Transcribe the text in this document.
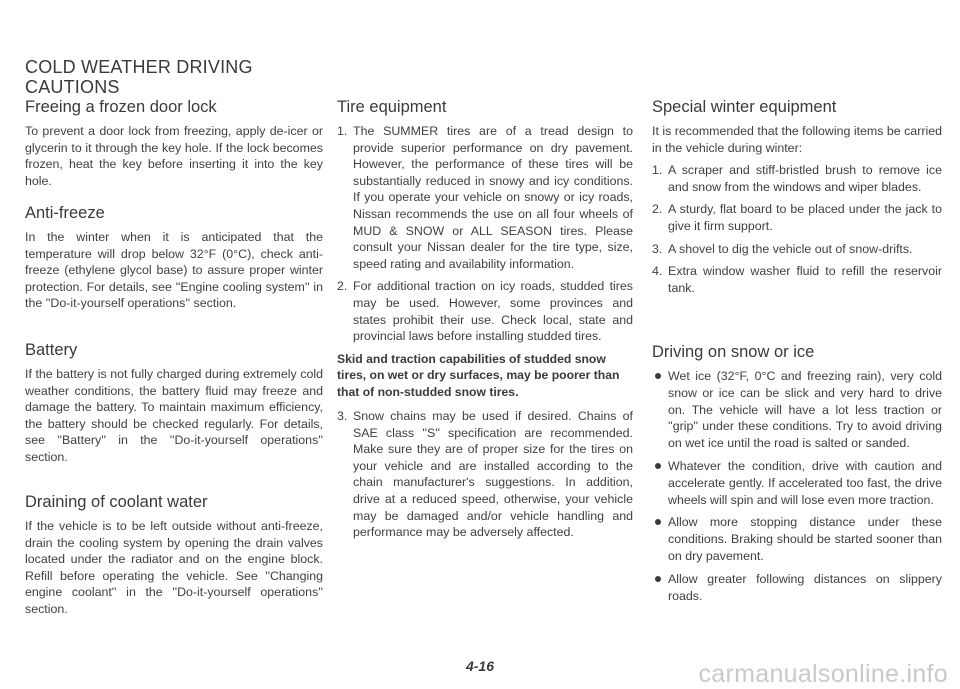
COLD WEATHER DRIVING CAUTIONS
Freeing a frozen door lock

To prevent a door lock from freezing, apply de-icer or glycerin to it through the key hole. If the lock becomes frozen, heat the key before inserting it into the key hole.

Anti-freeze

In the winter when it is anticipated that the temperature will drop below 32°F (0°C), check anti-freeze (ethylene glycol base) to assure proper winter protection. For details, see ''Engine cooling system'' in the ''Do-it-yourself operations'' section.

Battery

If the battery is not fully charged during extremely cold weather conditions, the battery fluid may freeze and damage the battery. To maintain maximum efficiency, the battery should be checked regularly. For details, see ''Battery'' in the ''Do-it-yourself operations'' section.

Draining of coolant water

If the vehicle is to be left outside without anti-freeze, drain the cooling system by opening the drain valves located under the radiator and on the engine block. Refill before operating the vehicle. See ''Changing engine coolant'' in the ''Do-it-yourself operations'' section.

Tire equipment
1. The SUMMER tires are of a tread design to provide superior performance on dry pavement. However, the performance of these tires will be substantially reduced in snowy and icy conditions. If you operate your vehicle on snowy or icy roads, Nissan recommends the use on all four wheels of MUD & SNOW or ALL SEASON tires. Please consult your Nissan dealer for the tire type, size, speed rating and availability information.
2. For additional traction on icy roads, studded tires may be used. However, some provinces and states prohibit their use. Check local, state and provincial laws before installing studded tires.
Skid and traction capabilities of studded snow tires, on wet or dry surfaces, may be poorer than that of non-studded snow tires.
3. Snow chains may be used if desired. Chains of SAE class ''S'' specification are recommended. Make sure they are of proper size for the tires on your vehicle and are installed according to the chain manufacturer's suggestions. In addition, drive at a reduced speed, otherwise, your vehicle may be damaged and/or vehicle handling and performance may be adversely affected.
Special winter equipment

It is recommended that the following items be carried in the vehicle during winter:

1. A scraper and stiff-bristled brush to remove ice and snow from the windows and wiper blades.
2. A sturdy, flat board to be placed under the jack to give it firm support.
3. A shovel to dig the vehicle out of snow-drifts.
4. Extra window washer fluid to refill the reservoir tank.
Driving on snow or ice
Wet ice (32°F, 0°C and freezing rain), very cold snow or ice can be slick and very hard to drive on. The vehicle will have a lot less traction or ''grip'' under these conditions. Try to avoid driving on wet ice until the road is salted or sanded.
Whatever the condition, drive with caution and accelerate gently. If accelerated too fast, the drive wheels will spin and will lose even more traction.
Allow more stopping distance under these conditions. Braking should be started sooner than on dry pavement.
Allow greater following distances on slippery roads.
4-16	carmanualsonline.info
